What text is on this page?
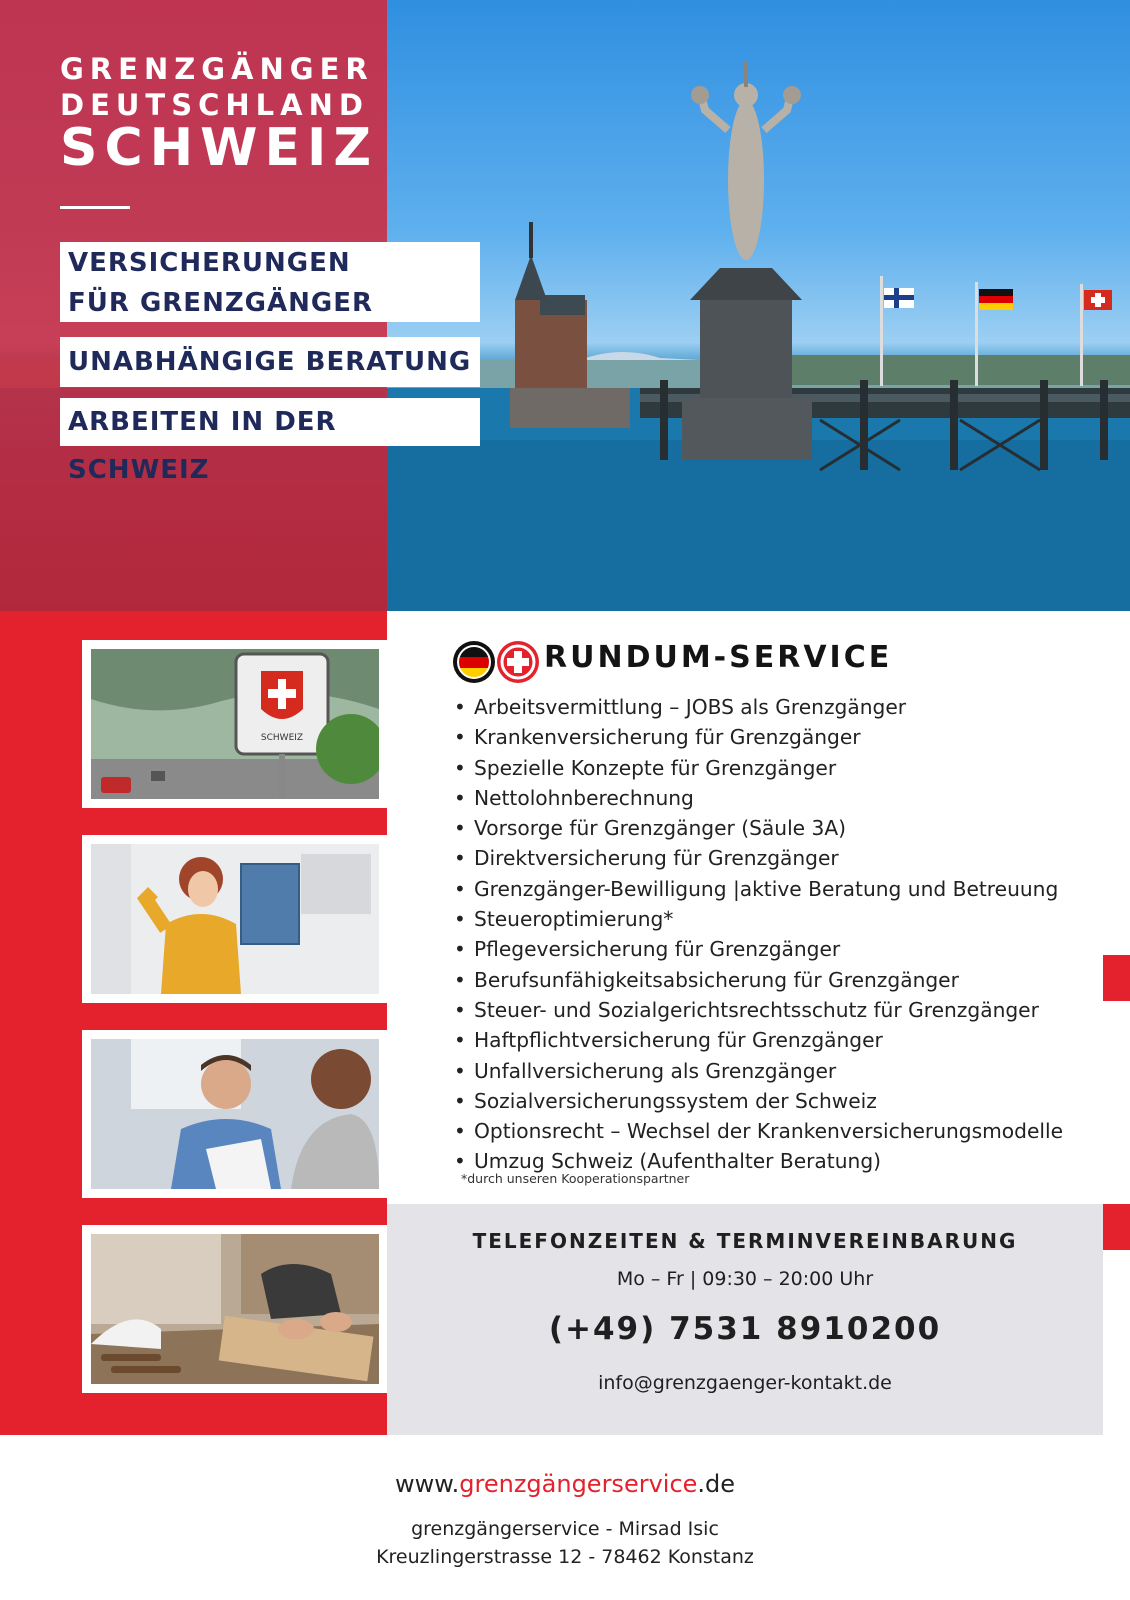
GRENZGÄNGER
DEUTSCHLAND
SCHWEIZ
VERSICHERUNGEN
FÜR GRENZGÄNGER
UNABHÄNGIGE BERATUNG
ARBEITEN IN DER SCHWEIZ
SCHWEIZ
RUNDUM-SERVICE
• Arbeitsvermittlung – JOBS als Grenzgänger
• Krankenversicherung für Grenzgänger
• Spezielle Konzepte für Grenzgänger
• Nettolohnberechnung
• Vorsorge für Grenzgänger (Säule 3A)
• Direktversicherung für Grenzgänger
• Grenzgänger-Bewilligung |aktive Beratung und Betreuung
• Steueroptimierung*
• Pflegeversicherung für Grenzgänger
• Berufsunfähigkeitsabsicherung für Grenzgänger
• Steuer- und Sozialgerichtsrechtsschutz für Grenzgänger
• Haftpflichtversicherung für Grenzgänger
• Unfallversicherung als Grenzgänger
• Sozialversicherungssystem der Schweiz
• Optionsrecht – Wechsel der Krankenversicherungsmodelle
• Umzug Schweiz (Aufenthalter Beratung)
*durch unseren Kooperationspartner
TELEFONZEITEN & TERMINVEREINBARUNG
Mo – Fr | 09:30 – 20:00 Uhr
(+49) 7531 8910200
info@grenzgaenger-kontakt.de
www.grenzgängerservice.de
grenzgängerservice - Mirsad Isic
Kreuzlingerstrasse 12 - 78462 Konstanz
